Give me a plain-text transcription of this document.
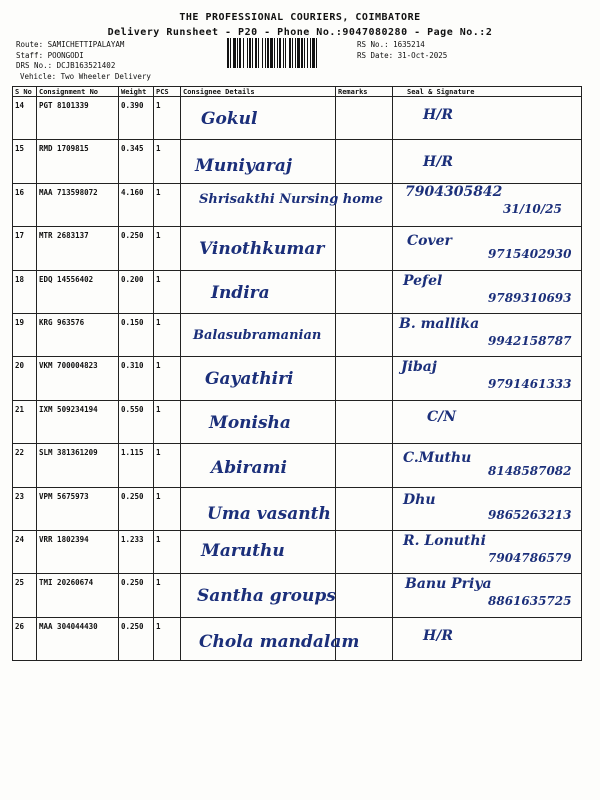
THE PROFESSIONAL COURIERS, COIMBATORE
Delivery Runsheet - P20 - Phone No.:9047080280 - Page No.:2
Route: SAMICHETTIPALAYAM
Staff: POONGODI
DRS No.: DCJB163521402
Vehicle: Two Wheeler Delivery
RS No.: 1635214
RS Date: 31-Oct-2025
S No	Consignment No	Weight	PCS	Consignee Details	Remarks	Seal & Signature
14	PGT 8101339	0.390	1	Gokul		H/R

15	RMD 1709815	0.345	1	Muniyaraj		H/R

16	MAA 713598072	4.160	1	Shrisakthi Nursing home		7904305842
31/10/25

17	MTR 2683137	0.250	1	Vinothkumar		Cover
9715402930

18	EDQ 14556402	0.200	1	Indira		Pefel
9789310693

19	KRG 963576	0.150	1	Balasubramanian		B. mallika
9942158787

20	VKM 700004823	0.310	1	Gayathiri		Jibaj
9791461333

21	IXM 509234194	0.550	1	Monisha		C/N

22	SLM 381361209	1.115	1	Abirami		C.Muthu
8148587082

23	VPM 5675973	0.250	1	Uma vasanth		Dhu
9865263213

24	VRR 1802394	1.233	1	Maruthu		R. Lonuthi
7904786579

25	TMI 20260674	0.250	1	Santha groups		Banu Priya
8861635725

26	MAA 304044430	0.250	1	Chola mandalam		H/R
